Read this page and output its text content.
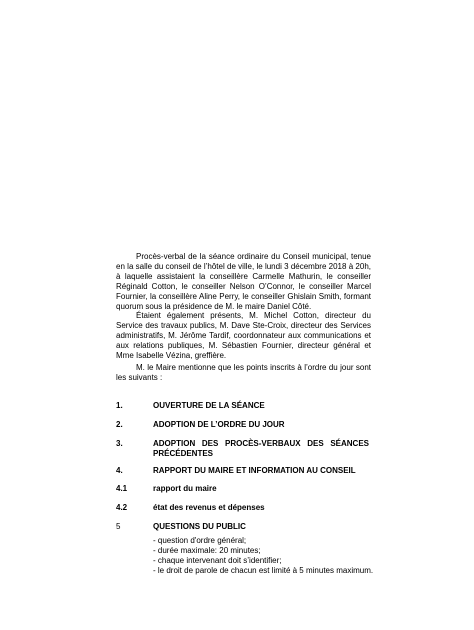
Procès-verbal de la séance ordinaire du Conseil municipal, tenue en la salle du conseil de l’hôtel de ville, le lundi 3 décembre 2018 à 20h, à laquelle assistaient la conseillère Carmelle Mathurin, le conseiller Réginald Cotton, le conseiller Nelson O’Connor, le conseiller Marcel Fournier, la conseillère Aline Perry, le conseiller Ghislain Smith, formant quorum sous la présidence de M. le maire Daniel Côté.

Étaient également présents, M. Michel Cotton, directeur du Service des travaux publics, M. Dave Ste-Croix, directeur des Services administratifs, M. Jérôme Tardif, coordonnateur aux communications et aux relations publiques, M. Sébastien Fournier, directeur général et Mme Isabelle Vézina, greffière.

M. le Maire mentionne que les points inscrits à l’ordre du jour sont les suivants :

1.	OUVERTURE DE LA SÉANCE
2.	ADOPTION DE L’ORDRE DU JOUR
3.	ADOPTION DES PROCÈS-VERBAUX DES SÉANCES
PRÉCÉDENTES
4.	RAPPORT DU MAIRE ET INFORMATION AU CONSEIL
4.1	rapport du maire
4.2	état des revenus et dépenses
5	QUESTIONS DU PUBLIC
- question d'ordre général;
- durée maximale: 20 minutes;
- chaque intervenant doit s’identifier;
- le droit de parole de chacun est limité à 5 minutes maximum.
